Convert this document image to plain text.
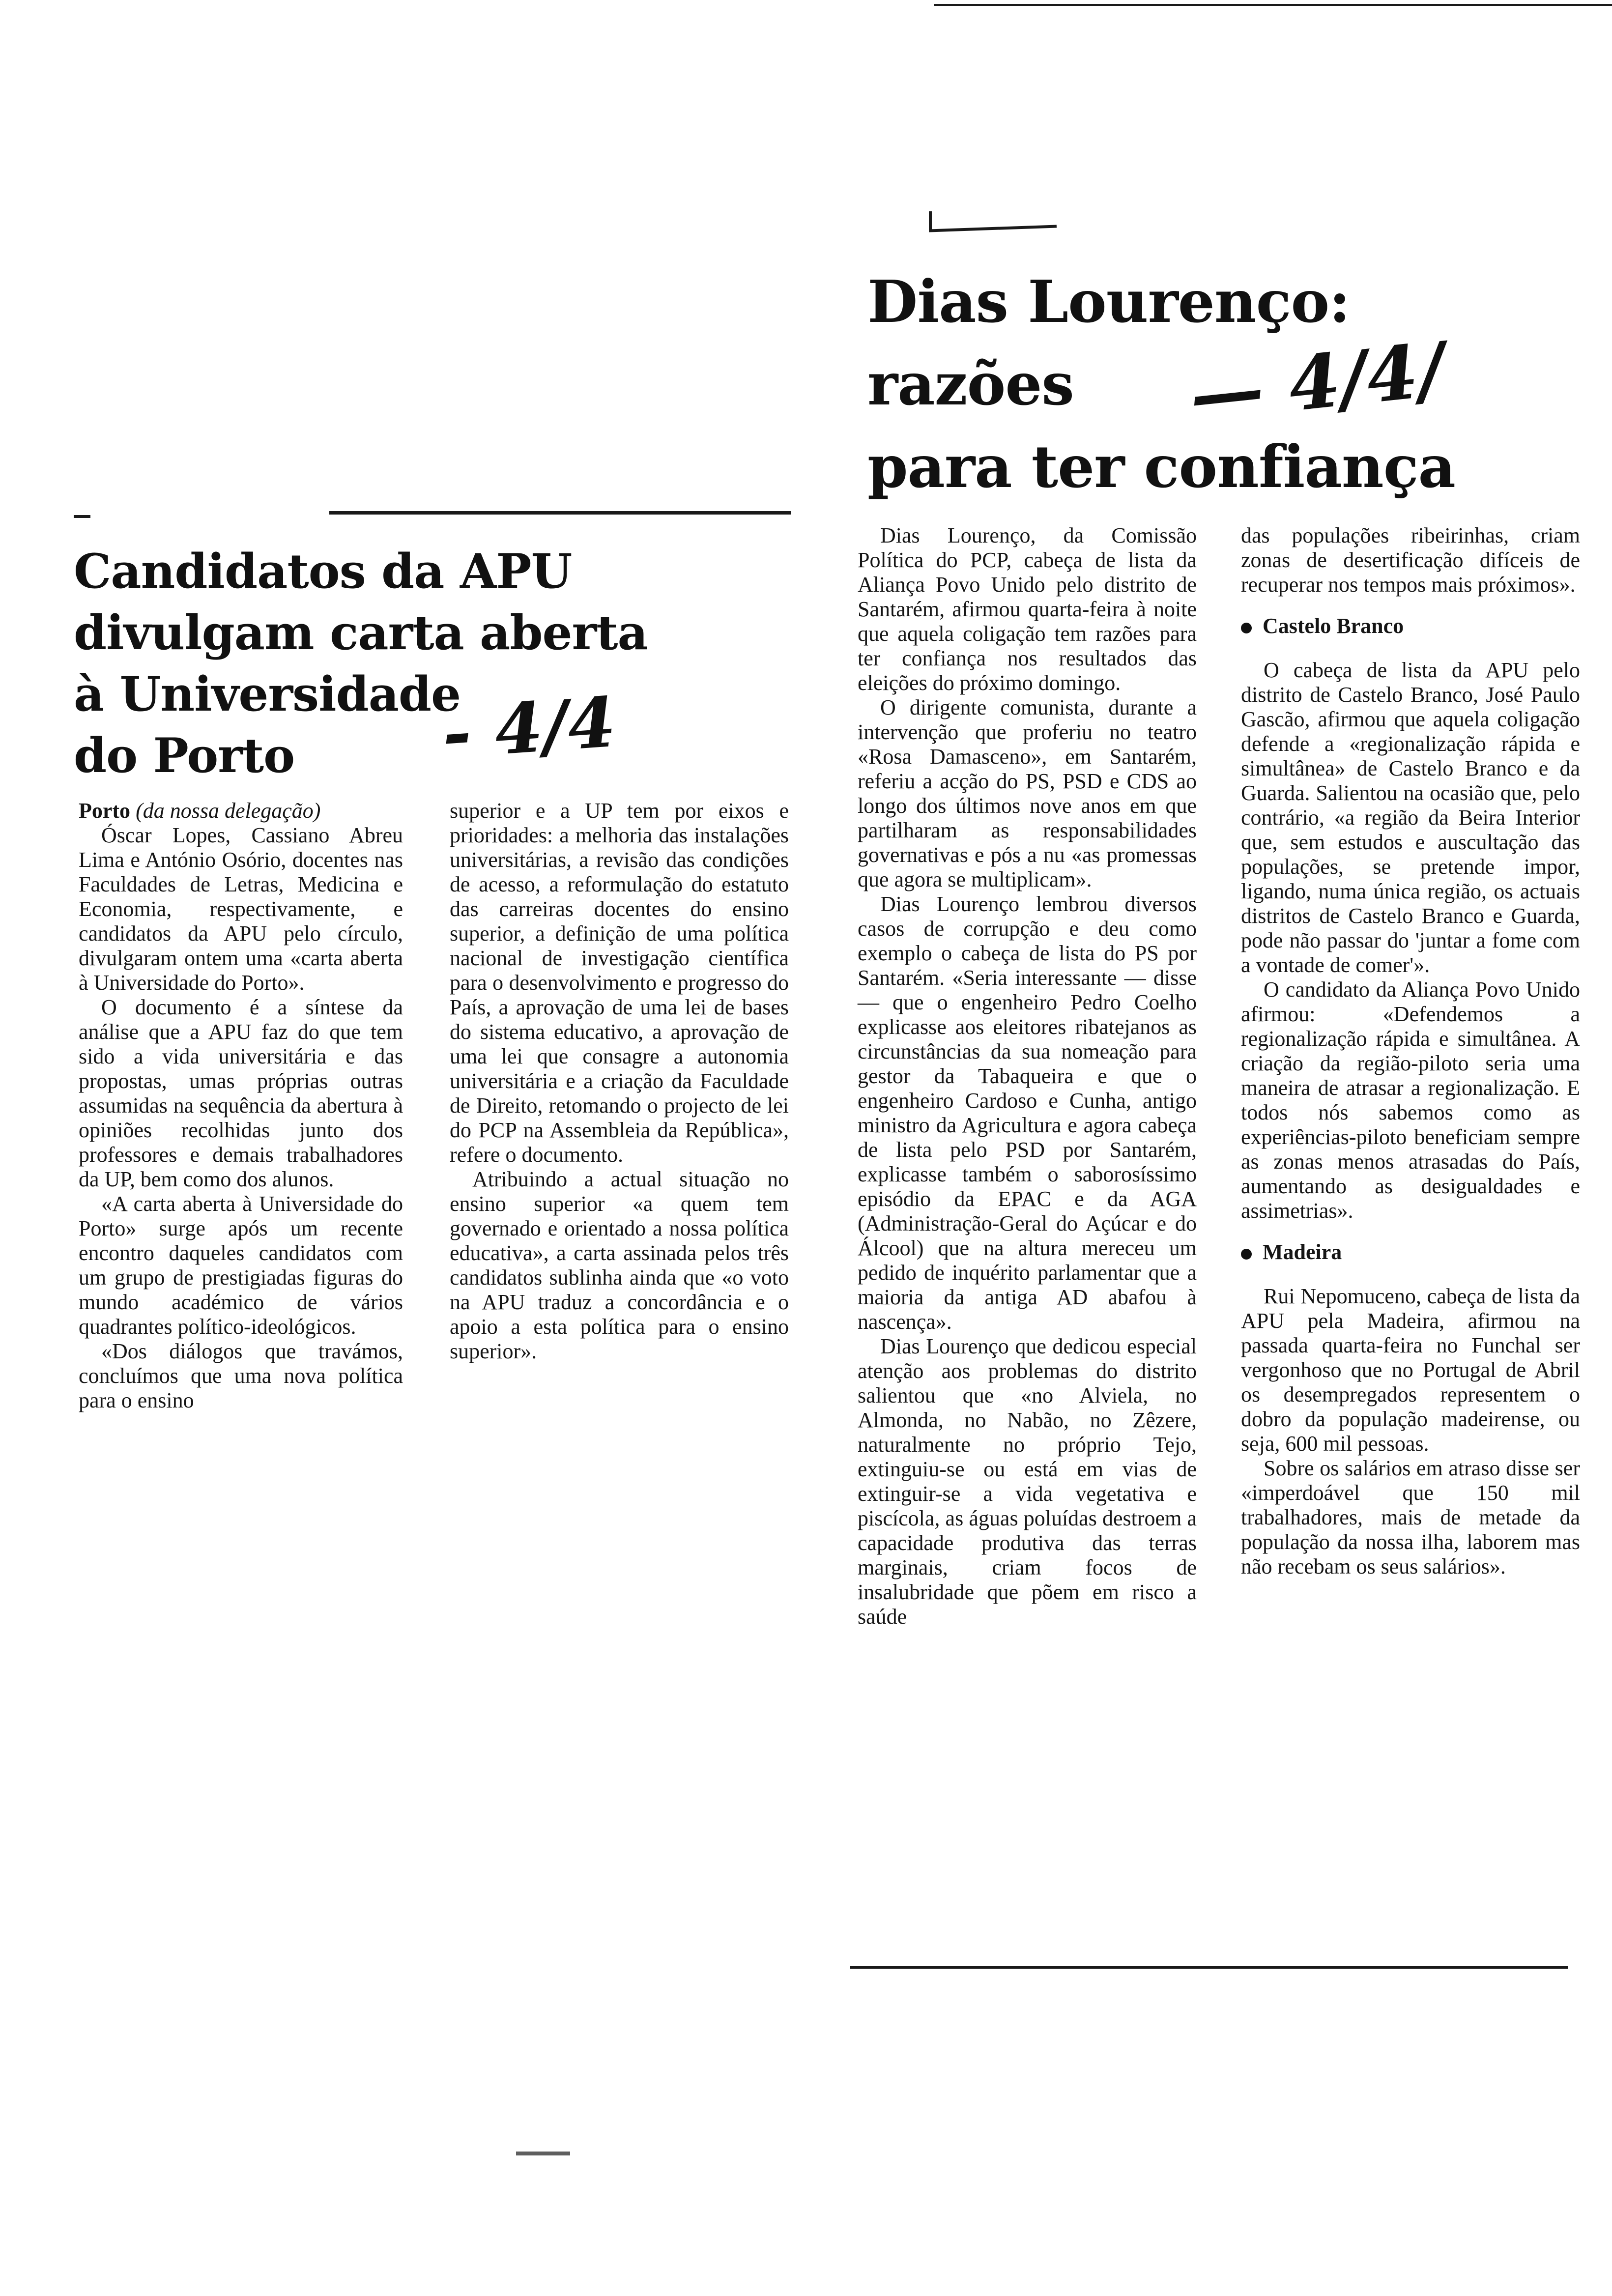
Dias Lourenço:
razões
para ter confiança
— 4/4/
Candidatos da APU
divulgam carta aberta
à Universidade
do Porto	- 4/4

Porto (da nossa delegação)

Óscar Lopes, Cassiano Abreu Lima e António Osório, docentes nas Faculdades de Letras, Medicina e Economia, respectivamente, e candidatos da APU pelo círculo, divulgaram ontem uma «carta aberta à Universidade do Porto».

O documento é a síntese da análise que a APU faz do que tem sido a vida universitária e das propostas, umas próprias outras assumidas na sequência da abertura à opiniões recolhidas junto dos professores e demais trabalhadores da UP, bem como dos alunos.

«A carta aberta à Universidade do Porto» surge após um recente encontro daqueles candidatos com um grupo de prestigiadas figuras do mundo académico de vários quadrantes político-ideológicos.

«Dos diálogos que travámos, concluímos que uma nova política para o ensino

superior e a UP tem por eixos e prioridades: a melhoria das instalações universitárias, a revisão das condições de acesso, a reformulação do estatuto das carreiras docentes do ensino superior, a definição de uma política nacional de investigação científica para o desenvolvimento e progresso do País, a aprovação de uma lei de bases do sistema educativo, a aprovação de uma lei que consagre a autonomia universitária e a criação da Faculdade de Direito, retomando o projecto de lei do PCP na Assembleia da República», refere o documento.

Atribuindo a actual situação no ensino superior «a quem tem governado e orientado a nossa política educativa», a carta assinada pelos três candidatos sublinha ainda que «o voto na APU traduz a concordância e o apoio a esta política para o ensino superior».

Dias Lourenço, da Comissão Política do PCP, cabeça de lista da Aliança Povo Unido pelo distrito de Santarém, afirmou quarta-feira à noite que aquela coligação tem razões para ter confiança nos resultados das eleições do próximo domingo.

O dirigente comunista, durante a intervenção que proferiu no teatro «Rosa Damasceno», em Santarém, referiu a acção do PS, PSD e CDS ao longo dos últimos nove anos em que partilharam as responsabilidades governativas e pós a nu «as promessas que agora se multiplicam».

Dias Lourenço lembrou diversos casos de corrupção e deu como exemplo o cabeça de lista do PS por Santarém. «Seria interessante — disse — que o engenheiro Pedro Coelho explicasse aos eleitores ribatejanos as circunstâncias da sua nomeação para gestor da Tabaqueira e que o engenheiro Cardoso e Cunha, antigo ministro da Agricultura e agora cabeça de lista pelo PSD por Santarém, explicasse também o saborosíssimo episódio da EPAC e da AGA (Administração-Geral do Açúcar e do Álcool) que na altura mereceu um pedido de inquérito parlamentar que a maioria da antiga AD abafou à nascença».

Dias Lourenço que dedicou especial atenção aos problemas do distrito salientou que «no Alviela, no Almonda, no Nabão, no Zêzere, naturalmente no próprio Tejo, extinguiu-se ou está em vias de extinguir-se a vida vegetativa e piscícola, as águas poluídas destroem a capacidade produtiva das terras marginais, criam focos de insalubridade que põem em risco a saúde

das populações ribeirinhas, criam zonas de desertificação difíceis de recuperar nos tempos mais próximos».

Castelo Branco

O cabeça de lista da APU pelo distrito de Castelo Branco, José Paulo Gascão, afirmou que aquela coligação defende a «regionalização rápida e simultânea» de Castelo Branco e da Guarda. Salientou na ocasião que, pelo contrário, «a região da Beira Interior que, sem estudos e auscultação das populações, se pretende impor, ligando, numa única região, os actuais distritos de Castelo Branco e Guarda, pode não passar do 'juntar a fome com a vontade de comer'».

O candidato da Aliança Povo Unido afirmou: «Defendemos a regionalização rápida e simultânea. A criação da região-piloto seria uma maneira de atrasar a regionalização. E todos nós sabemos como as experiências-piloto beneficiam sempre as zonas menos atrasadas do País, aumentando as desigualdades e assimetrias».

Madeira

Rui Nepomuceno, cabeça de lista da APU pela Madeira, afirmou na passada quarta-feira no Funchal ser vergonhoso que no Portugal de Abril os desempregados representem o dobro da população madeirense, ou seja, 600 mil pessoas.

Sobre os salários em atraso disse ser «imperdoável que 150 mil trabalhadores, mais de metade da população da nossa ilha, laborem mas não recebam os seus salários».
